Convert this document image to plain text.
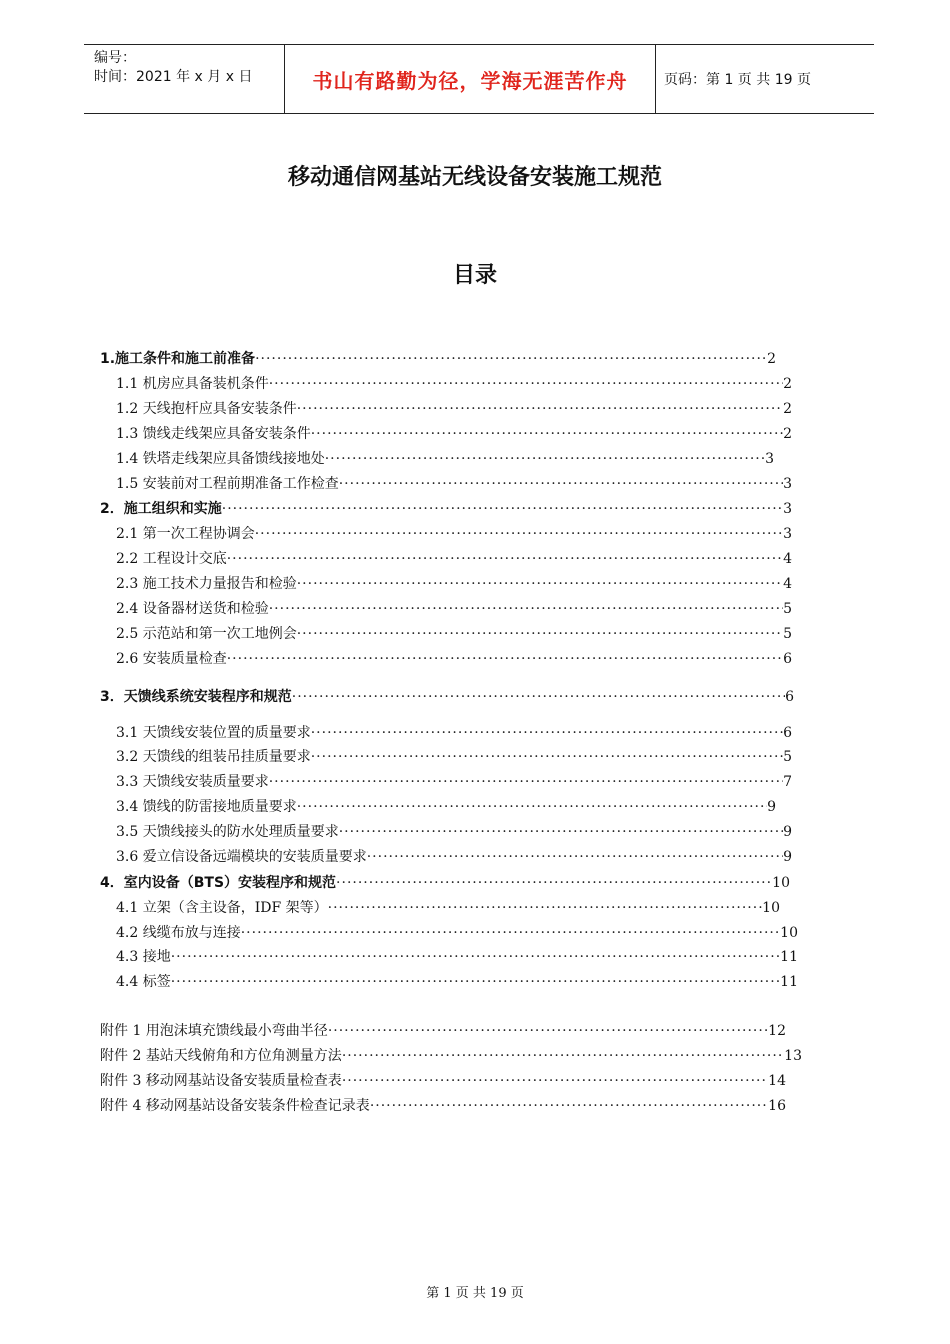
编号：
时间：2021 年 x 月 x 日	书山有路勤为径，学海无涯苦作舟	页码：第 1 页 共 19 页
移动通信网基站无线设备安装施工规范
目录
1.施工条件和施工前准备 ·····	2
1.1 机房应具备装机条件 ·····	2
1.2 天线抱杆应具备安装条件 ·····	2
1.3 馈线走线架应具备安装条件 ·····	2
1.4 铁塔走线架应具备馈线接地处 ·····	3
1.5 安装前对工程前期准备工作检查 ·····	3
2．施工组织和实施 ·····	3
2.1 第一次工程协调会 ·····	3
2.2 工程设计交底 ·····	4
2.3 施工技术力量报告和检验 ·····	4
2.4 设备器材送货和检验 ·····	5
2.5 示范站和第一次工地例会 ·····	5
2.6 安装质量检查 ·····	6
3．天馈线系统安装程序和规范 ·····	6
3.1 天馈线安装位置的质量要求 ·····	6
3.2 天馈线的组装吊挂质量要求 ·····	5
3.3 天馈线安装质量要求 ·····	7
3.4 馈线的防雷接地质量要求 ·····	9
3.5 天馈线接头的防水处理质量要求 ·····	9
3.6 爱立信设备远端模块的安装质量要求 ·····	9
4．室内设备（BTS）安装程序和规范 ·····	10
4.1 立架（含主设备，IDF 架等） ·····	10
4.2 线缆布放与连接 ·····	10
4.3 接地 ·····	11
4.4 标签 ·····	11
附件 1 用泡沫填充馈线最小弯曲半径 ·····	12
附件 2 基站天线俯角和方位角测量方法 ·····	13
附件 3 移动网基站设备安装质量检查表 ·····	14
附件 4 移动网基站设备安装条件检查记录表 ·····	16
第 1 页 共 19 页
